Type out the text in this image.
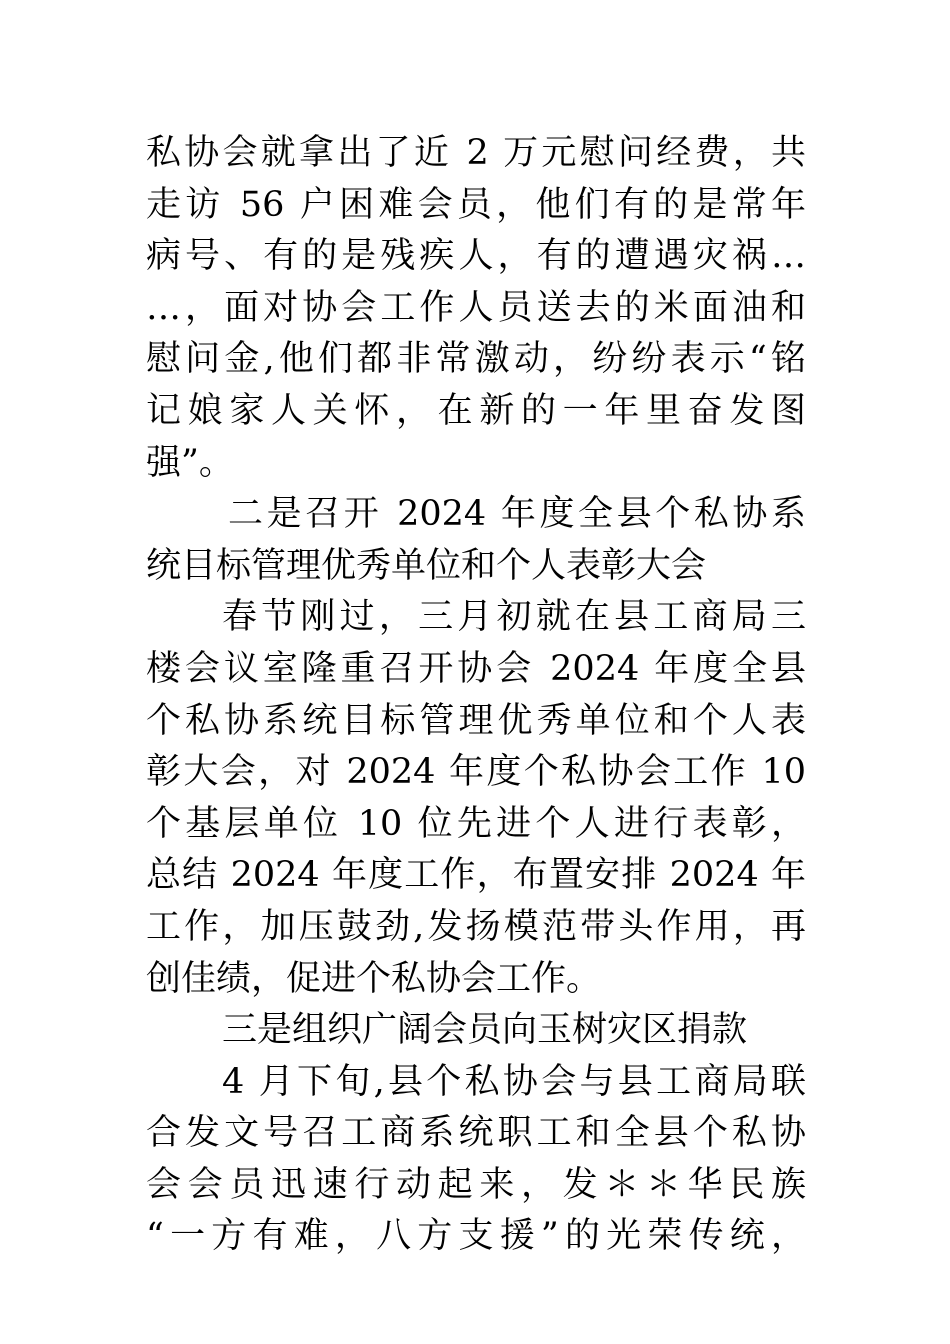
私协会就拿出了近 2 万元慰问经费，共
走访 56 户困难会员，他们有的是常年
病号、有的是残疾人，有的遭遇灾祸…
…，面对协会工作人员送去的米面油和
慰问金,他们都非常激动，纷纷表示“铭
记娘家人关怀，在新的一年里奋发图
强”。
二是召开 2024 年度全县个私协系
统目标管理优秀单位和个人表彰大会
春节刚过，三月初就在县工商局三
楼会议室隆重召开协会 2024 年度全县
个私协系统目标管理优秀单位和个人表
彰大会，对 2024 年度个私协会工作 10
个基层单位 10 位先进个人进行表彰，
总结 2024 年度工作，布置安排 2024 年
工作，加压鼓劲,发扬模范带头作用，再
创佳绩，促进个私协会工作。
三是组织广阔会员向玉树灾区捐款
4 月下旬,县个私协会与县工商局联
合发文号召工商系统职工和全县个私协
会会员迅速行动起来，发＊＊华民族
“一方有难，八方支援”的光荣传统，
